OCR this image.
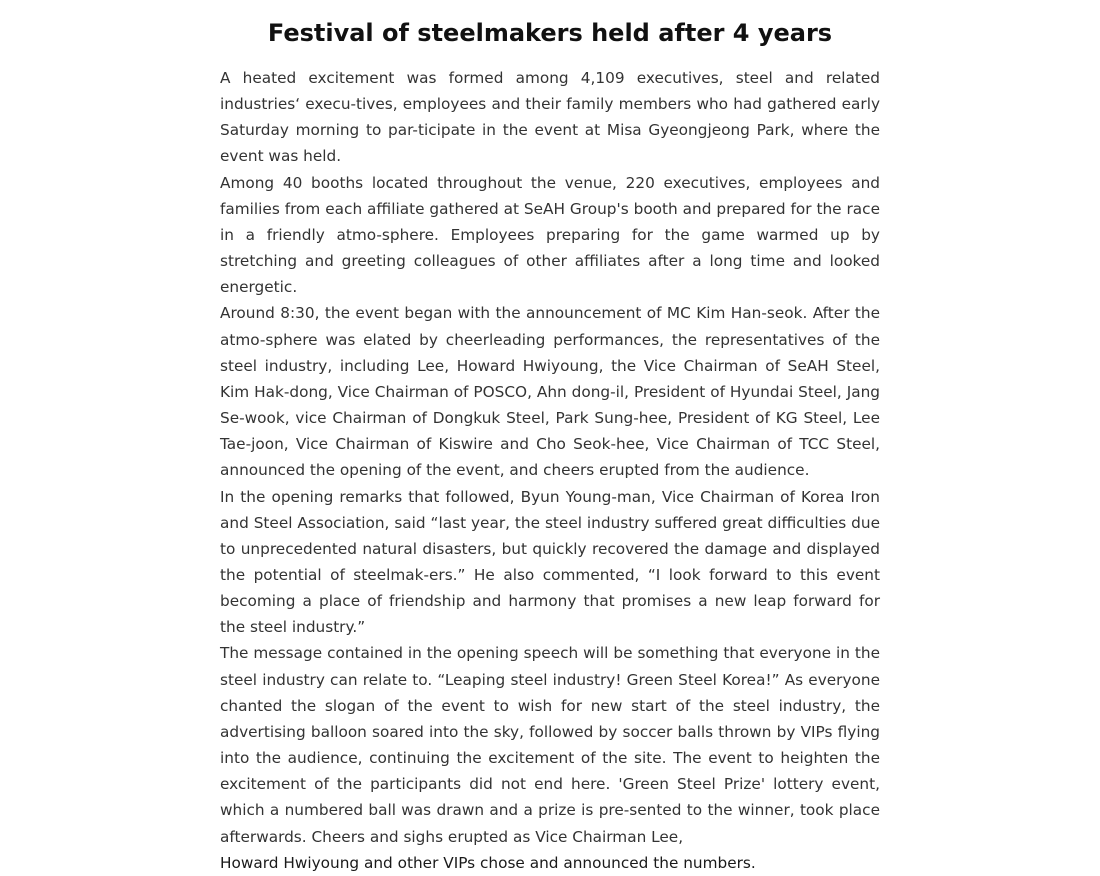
Festival of steelmakers held after 4 years

A heated excitement was formed among 4,109 executives, steel and related industries‘ execu-tives, employees and their family members who had gathered early Saturday morning to par-ticipate in the event at Misa Gyeongjeong Park, where the event was held.

Among 40 booths located throughout the venue, 220 executives, employees and families from each affiliate gathered at SeAH Group's booth and prepared for the race in a friendly atmo-sphere. Employees preparing for the game warmed up by stretching and greeting colleagues of other affiliates after a long time and looked energetic.

Around 8:30, the event began with the announcement of MC Kim Han-seok. After the atmo-sphere was elated by cheerleading performances, the representatives of the steel industry, including Lee, Howard Hwiyoung, the Vice Chairman of SeAH Steel, Kim Hak-dong, Vice Chairman of POSCO, Ahn dong-il, President of Hyundai Steel, Jang Se-wook, vice Chairman of Dongkuk Steel, Park Sung-hee, President of KG Steel, Lee Tae-joon, Vice Chairman of Kiswire and Cho Seok-hee, Vice Chairman of TCC Steel, announced the opening of the event, and cheers erupted from the audience.

In the opening remarks that followed, Byun Young-man, Vice Chairman of Korea Iron and Steel Association, said “last year, the steel industry suffered great difficulties due to unprecedented natural disasters, but quickly recovered the damage and displayed the potential of steelmak-ers.” He also commented, “I look forward to this event becoming a place of friendship and harmony that promises a new leap forward for the steel industry.”

The message contained in the opening speech will be something that everyone in the steel industry can relate to. “Leaping steel industry! Green Steel Korea!” As everyone chanted the slogan of the event to wish for new start of the steel industry, the advertising balloon soared into the sky, followed by soccer balls thrown by VIPs flying into the audience, continuing the excitement of the site. The event to heighten the excitement of the participants did not end here. 'Green Steel Prize' lottery event, which a numbered ball was drawn and a prize is pre-sented to the winner, took place afterwards. Cheers and sighs erupted as Vice Chairman Lee,

Howard Hwiyoung and other VIPs chose and announced the numbers.
